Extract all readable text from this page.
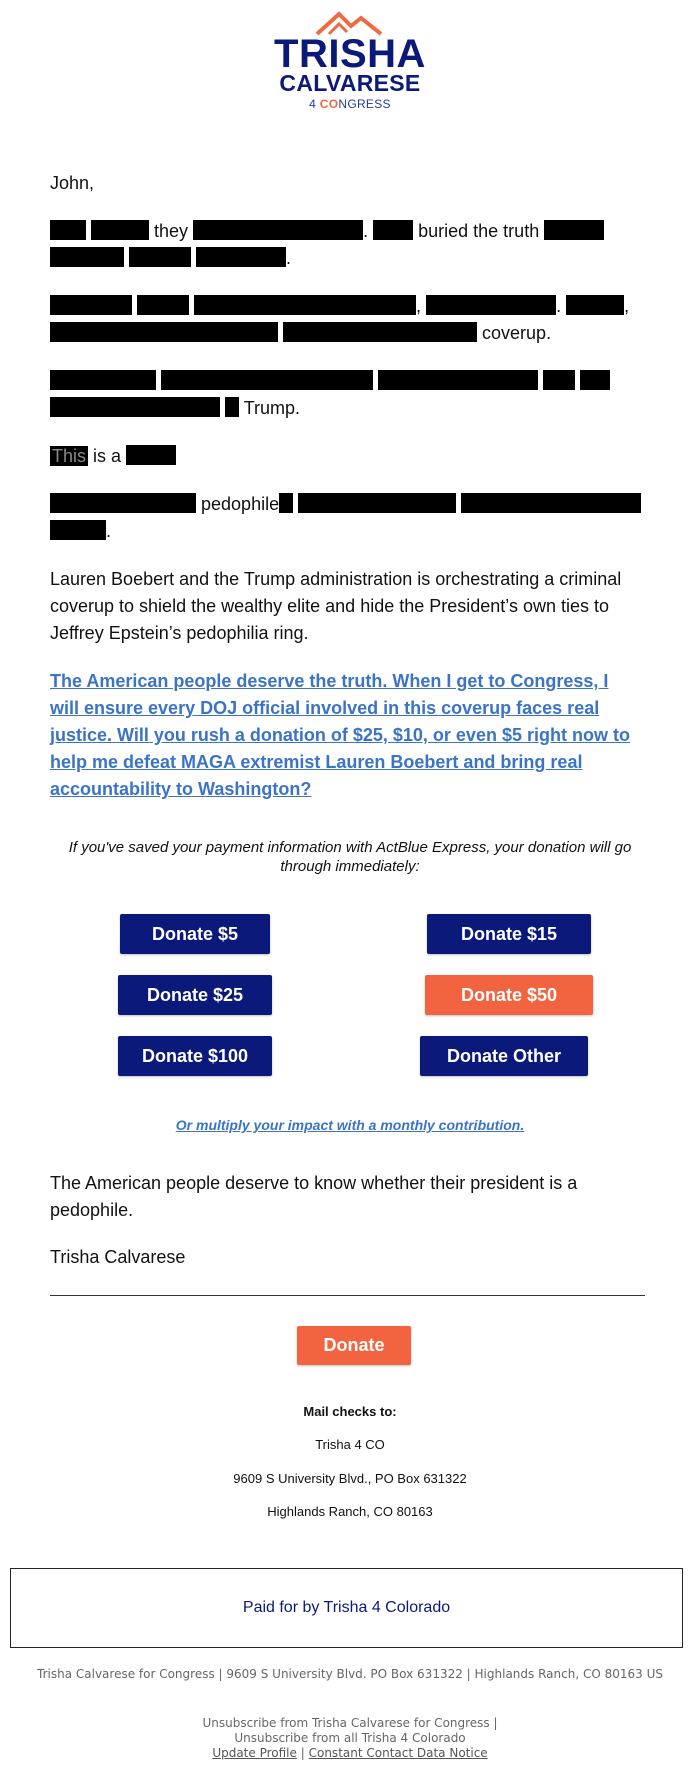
TRISHA
CALVARESE
4 CONGRESS

John,

they	.	buried the truth
.

,	.	,
coverup.

Trump.

This is a

pedophile
.

Lauren Boebert and the Trump administration is orchestrating a criminal coverup to shield the wealthy elite and hide the President’s own ties to Jeffrey Epstein’s pedophilia ring.

The American people deserve the truth. When I get to Congress, I will ensure every DOJ official involved in this coverup faces real justice. Will you rush a donation of $25, $10, or even $5 right now to help me defeat MAGA extremist Lauren Boebert and bring real accountability to Washington?

If you've saved your payment information with ActBlue Express, your donation will go through immediately:
Donate $5	Donate $15
Donate $25	Donate $50
Donate $100	Donate Other
Or multiply your impact with a monthly contribution.

The American people deserve to know whether their president is a pedophile.

Trisha Calvarese

Donate
Mail checks to:
Trisha 4 CO
9609 S University Blvd., PO Box 631322
Highlands Ranch, CO 80163
Paid for by Trisha 4 Colorado
Trisha Calvarese for Congress | 9609 S University Blvd. PO Box 631322 | Highlands Ranch, CO 80163 US
Unsubscribe from Trisha Calvarese for Congress |
Unsubscribe from all Trisha 4 Colorado
Update Profile | Constant Contact Data Notice
